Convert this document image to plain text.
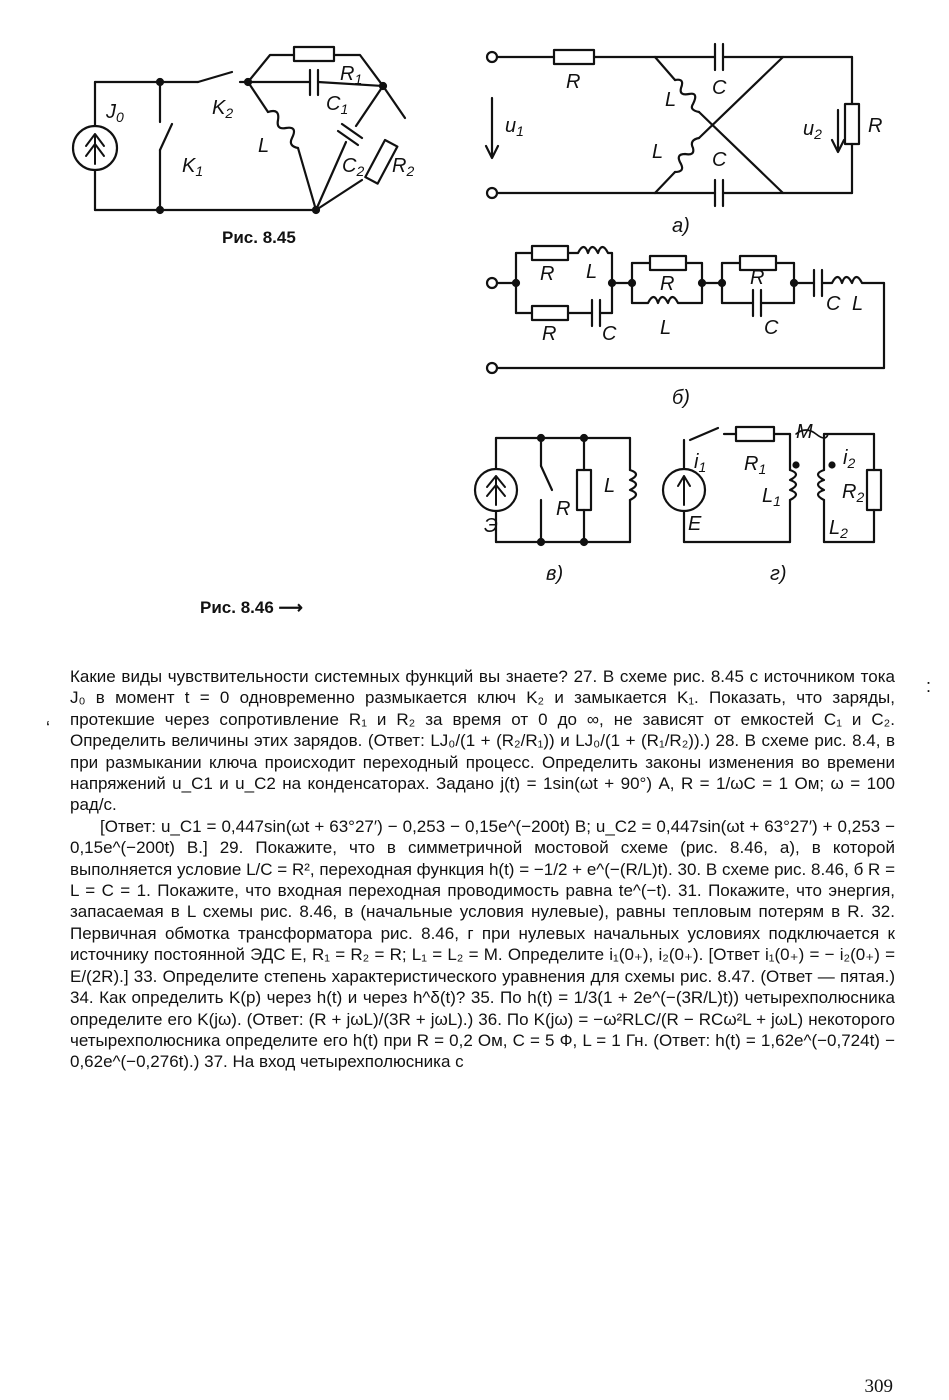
$J_0$	$K_2$
$K_1$
$R_1$
$C_1$
L
$C_2$ $R_2$
R
$u_1$
L
C
L C
$u_2$ R
a)
R L
R C
R
L
R
C
C L
б)
Э
R
L
в)
$i_1$ $R_1$
M
$i_2$
$L_1$	$R_2$
E	$L_2$
г)
Рис. 8.45
Рис. 8.46 ⟶
:
‘

Какие виды чувствительности системных функций вы знаете? 27. В схеме рис. 8.45 с источником тока J₀ в момент t = 0 одновременно размыкается ключ K₂ и замыкается K₁. Показать, что заряды, протекшие через сопротивление R₁ и R₂ за время от 0 до ∞, не зависят от емкостей C₁ и C₂. Определить величины этих зарядов. (Ответ: LJ₀/(1 + (R₂/R₁)) и LJ₀/(1 + (R₁/R₂)).) 28. В схеме рис. 8.4, в при размыкании ключа происходит переходный процесс. Определить законы изменения во времени напряжений u_C1 и u_C2 на конденсаторах. Задано j(t) = 1sin(ωt + 90°) А, R = 1/ωC = 1 Ом; ω = 100 рад/с.

[Ответ: u_C1 = 0,447sin(ωt + 63°27′) − 0,253 − 0,15e^(−200t) В; u_C2 = 0,447sin(ωt + 63°27′) + 0,253 − 0,15e^(−200t) В.] 29. Покажите, что в симметричной мостовой схеме (рис. 8.46, а), в которой выполняется условие L/C = R², переходная функция h(t) = −1/2 + e^(−(R/L)t). 30. В схеме рис. 8.46, б R = L = C = 1. Покажите, что входная переходная проводимость равна te^(−t). 31. Покажите, что энергия, запасаемая в L схемы рис. 8.46, в (начальные условия нулевые), равны тепловым потерям в R. 32. Первичная обмотка трансформатора рис. 8.46, г при нулевых начальных условиях подключается к источнику постоянной ЭДС E, R₁ = R₂ = R; L₁ = L₂ = M. Определите i₁(0₊), i₂(0₊). [Ответ i₁(0₊) = − i₂(0₊) = E/(2R).] 33. Определите степень характеристического уравнения для схемы рис. 8.47. (Ответ — пятая.) 34. Как определить K(p) через h(t) и через h^δ(t)? 35. По h(t) = 1/3(1 + 2e^(−(3R/L)t)) четырехполюсника определите его K(jω). (Ответ: (R + jωL)/(3R + jωL).) 36. По K(jω) = −ω²RLC/(R − RCω²L + jωL) некоторого четырехполюсника определите его h(t) при R = 0,2 Ом, C = 5 Ф, L = 1 Гн. (Ответ: h(t) = 1,62e^(−0,724t) − 0,62e^(−0,276t).) 37. На вход четырехполюсника с

309
